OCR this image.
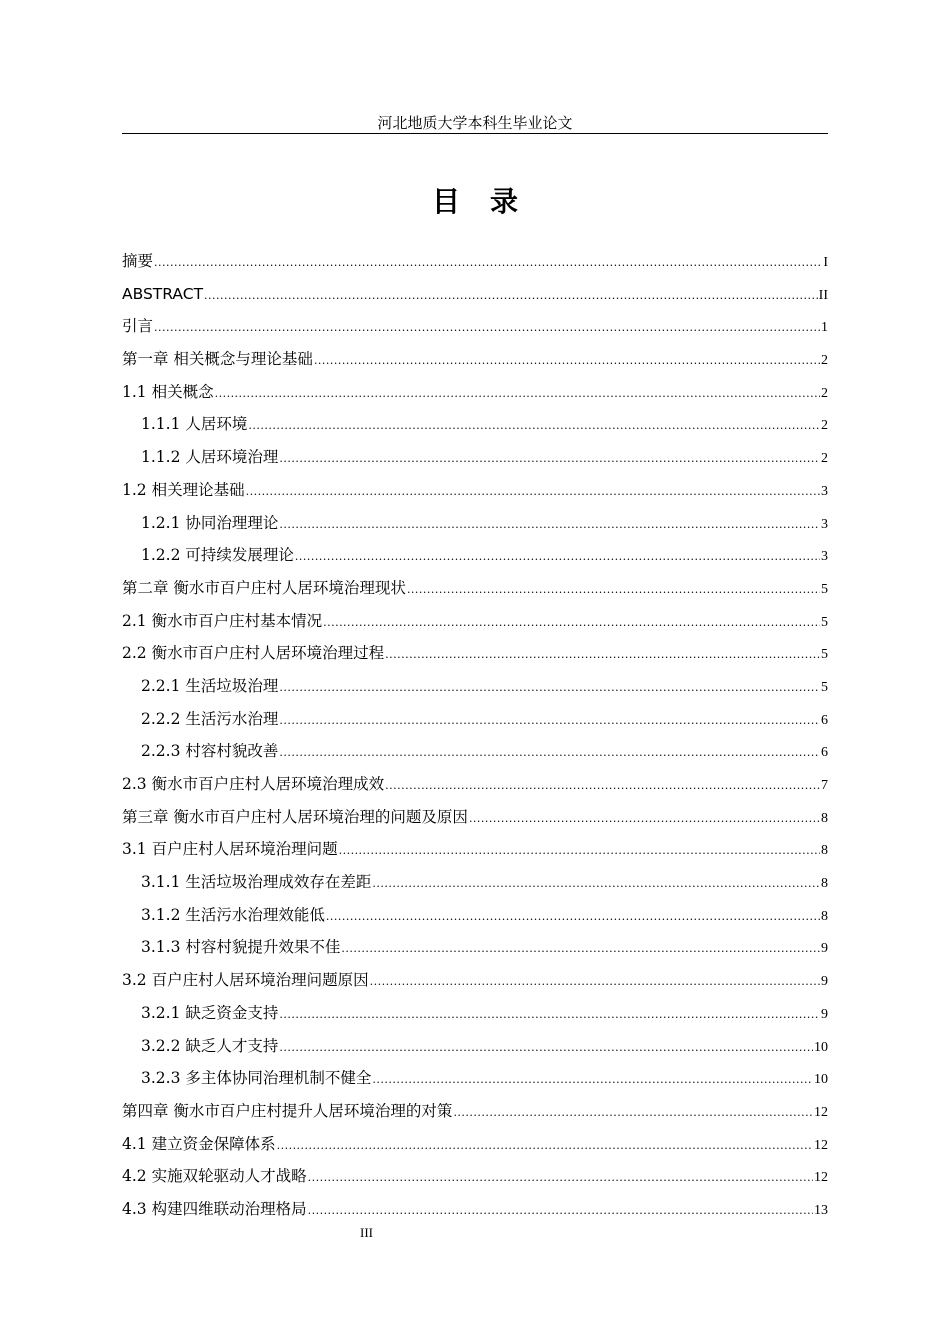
河北地质大学本科生毕业论文
目录
摘要 .....	I
ABSTRACT .....	II
引言 .....	1
第一章 相关概念与理论基础 .....	2
1.1 相关概念 .....	2
1.1.1 人居环境 .....	2
1.1.2 人居环境治理 .....	2
1.2 相关理论基础 .....	3
1.2.1 协同治理理论 .....	3
1.2.2 可持续发展理论 .....	3
第二章 衡水市百户庄村人居环境治理现状 .....	5
2.1 衡水市百户庄村基本情况 .....	5
2.2 衡水市百户庄村人居环境治理过程 .....	5
2.2.1 生活垃圾治理 .....	5
2.2.2 生活污水治理 .....	6
2.2.3 村容村貌改善 .....	6
2.3 衡水市百户庄村人居环境治理成效 .....	7
第三章 衡水市百户庄村人居环境治理的问题及原因 .....	8
3.1 百户庄村人居环境治理问题 .....	8
3.1.1 生活垃圾治理成效存在差距 .....	8
3.1.2 生活污水治理效能低 .....	8
3.1.3 村容村貌提升效果不佳 .....	9
3.2 百户庄村人居环境治理问题原因 .....	9
3.2.1 缺乏资金支持 .....	9
3.2.2 缺乏人才支持 .....	10
3.2.3 多主体协同治理机制不健全 .....	10
第四章 衡水市百户庄村提升人居环境治理的对策 .....	12
4.1 建立资金保障体系 .....	12
4.2 实施双轮驱动人才战略 .....	12
4.3 构建四维联动治理格局 .....	13
III
